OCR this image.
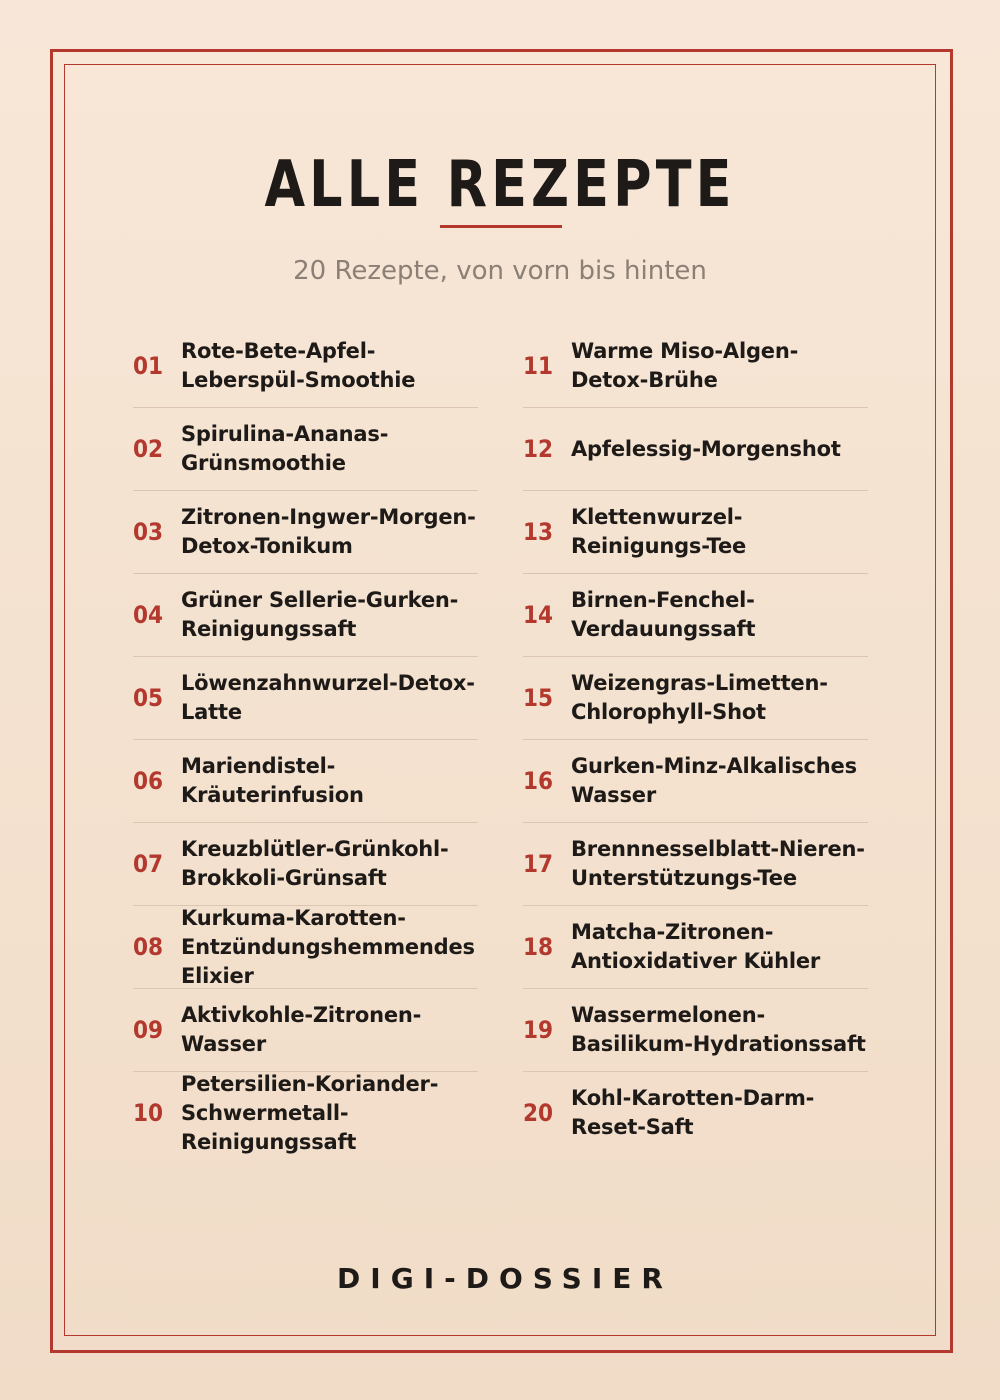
ALLE REZEPTE
20 Rezepte, von vorn bis hinten
01
Rote-Bete-Apfel-Leberspül-Smoothie
02
Spirulina-Ananas-Grünsmoothie
03
Zitronen-Ingwer-Morgen-Detox-Tonikum
04
Grüner Sellerie-Gurken-Reinigungssaft
05
Löwenzahnwurzel-Detox-Latte
06
Mariendistel-Kräuterinfusion
07
Kreuzblütler-Grünkohl-Brokkoli-Grünsaft
08
Kurkuma-Karotten-Entzündungshemmendes Elixier
09
Aktivkohle-Zitronen-Wasser
10
Petersilien-Koriander-Schwermetall-Reinigungssaft
11
Warme Miso-Algen-Detox-Brühe
12 Apfelessig-Morgenshot
13
Klettenwurzel-Reinigungs-Tee
14
Birnen-Fenchel-Verdauungssaft
15
Weizengras-Limetten-Chlorophyll-Shot
16
Gurken-Minz-Alkalisches Wasser
17
Brennnesselblatt-Nieren-Unterstützungs-Tee
18
Matcha-Zitronen-Antioxidativer Kühler
19
Wassermelonen-Basilikum-Hydrationssaft
20
Kohl-Karotten-Darm-Reset-Saft
DIGI-DOSSIER
